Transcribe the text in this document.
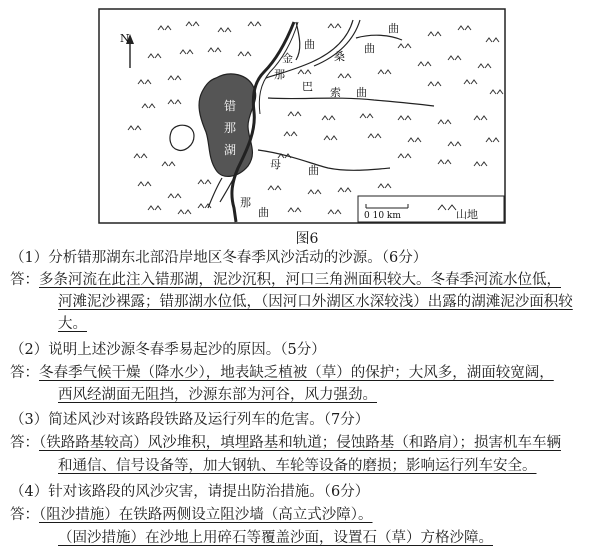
N
错
那
湖
金
曲
那
桑
曲
曲
巴 索 曲
母 曲
那
曲	0 10 km	山地
图6
（1）分析错那湖东北部沿岸地区冬春季风沙活动的沙源。（6分）
答：多条河流在此注入错那湖，泥沙沉积，河口三角洲面积较大。冬春季河流水位低，
河滩泥沙裸露；错那湖水位低，（因河口外湖区水深较浅）出露的湖滩泥沙面积较
大。
（2）说明上述沙源冬春季易起沙的原因。（5分）
答：冬春季气候干燥（降水少），地表缺乏植被（草）的保护；大风多，湖面较宽阔，
西风经湖面无阻挡，沙源东部为河谷，风力强劲。
（3）简述风沙对该路段铁路及运行列车的危害。（7分）
答：（铁路路基较高）风沙堆积，填埋路基和轨道；侵蚀路基（和路肩）；损害机车车辆
和通信、信号设备等，加大钢轨、车轮等设备的磨损；影响运行列车安全。
（4）针对该路段的风沙灾害，请提出防治措施。（6分）
答：（阻沙措施）在铁路两侧设立阻沙墙（高立式沙障）。
（固沙措施）在沙地上用碎石等覆盖沙面，设置石（草）方格沙障。
